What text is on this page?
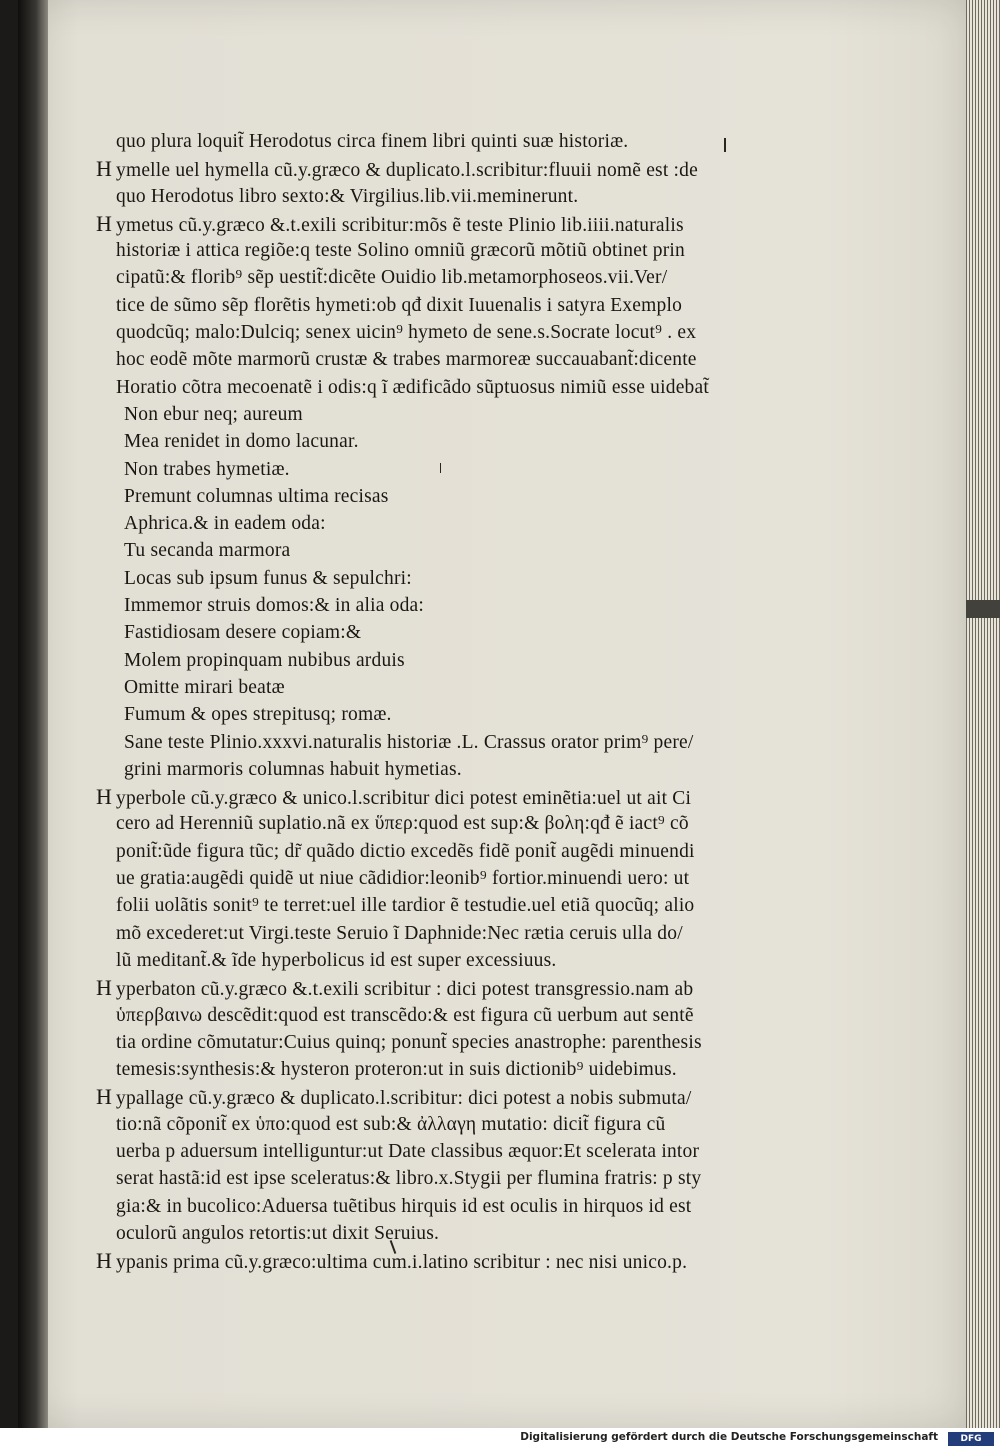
quo plura loquit̃ Herodotus circa finem libri quinti suæ historiæ.
H ymelle uel hymella cũ.y.græco & duplicato.l.scribitur:fluuii nomẽ est :de
quo Herodotus libro sexto:& Virgilius.lib.vii.meminerunt.
H ymetus cũ.y.græco &.t.exili scribitur:mõs ẽ teste Plinio lib.iiii.naturalis
historiæ i attica regiõe:q teste Solino omniũ græcorũ mõtiũ obtinet prin
cipatũ:& florib⁹ sẽp uestit̃:dicẽte Ouidio lib.metamorphoseos.vii.Ver/
tice de sũmo sẽp florẽtis hymeti:ob qđ dixit Iuuenalis i satyra Exemplo
quodcũq; malo:Dulciq; senex uicin⁹ hymeto de sene.s.Socrate locut⁹ . ex
hoc eodẽ mõte marmorũ crustæ & trabes marmoreæ succauabant̃:dicente
Horatio cõtra mecoenatẽ i odis:q ĩ ædificãdo sũptuosus nimiũ esse uidebat̃
Non ebur neq; aureum
Mea renidet in domo lacunar.
Non trabes hymetiæ.
Premunt columnas ultima recisas
Aphrica.& in eadem oda:
Tu secanda marmora
Locas sub ipsum funus & sepulchri:
Immemor struis domos:& in alia oda:
Fastidiosam desere copiam:&
Molem propinquam nubibus arduis
Omitte mirari beatæ
Fumum & opes strepitusq; romæ.
Sane teste Plinio.xxxvi.naturalis historiæ .L. Crassus orator prim⁹ pere/
grini marmoris columnas habuit hymetias.
H yperbole cũ.y.græco & unico.l.scribitur dici potest eminẽtia:uel ut ait Ci
cero ad Herenniũ suplatio.nã ex ὕπερ:quod est sup:& βολη:qđ ẽ iact⁹ cõ
ponit̃:ũde figura tũc; dr̃ quãdo dictio excedẽs fidẽ ponit̃ augẽdi minuendi
ue gratia:augẽdi quidẽ ut niue cãdidior:leonib⁹ fortior.minuendi uero: ut
folii uolãtis sonit⁹ te terret:uel ille tardior ẽ testudie.uel etiã quocũq; alio
mõ excederet:ut Virgi.teste Seruio ĩ Daphnide:Nec rætia ceruis ulla do/
lũ meditant̃.& ĩde hyperbolicus id est super excessiuus.
H yperbaton cũ.y.græco &.t.exili scribitur : dici potest transgressio.nam ab
ὑπερβαινω descẽdit:quod est transcẽdo:& est figura cũ uerbum aut sentẽ
tia ordine cõmutatur:Cuius quinq; ponunt̃ species anastrophe: parenthesis
temesis:synthesis:& hysteron proteron:ut in suis dictionib⁹ uidebimus.
H ypallage cũ.y.græco & duplicato.l.scribitur: dici potest a nobis submuta/
tio:nã cõponit̃ ex ὑπο:quod est sub:& ἀλλαγη mutatio: dicit̃ figura cũ
uerba p aduersum intelliguntur:ut Date classibus æquor:Et scelerata intor
serat hastã:id est ipse sceleratus:& libro.x.Stygii per flumina fratris: p sty
gia:& in bucolico:Aduersa tuẽtibus hirquis id est oculis in hirquos id est
oculorũ angulos retortis:ut dixit Seruius.
H ypanis prima cũ.y.græco:ultima cum.i.latino scribitur : nec nisi unico.p.
Digitalisierung gefördert durch die Deutsche Forschungsgemeinschaft	DFG
